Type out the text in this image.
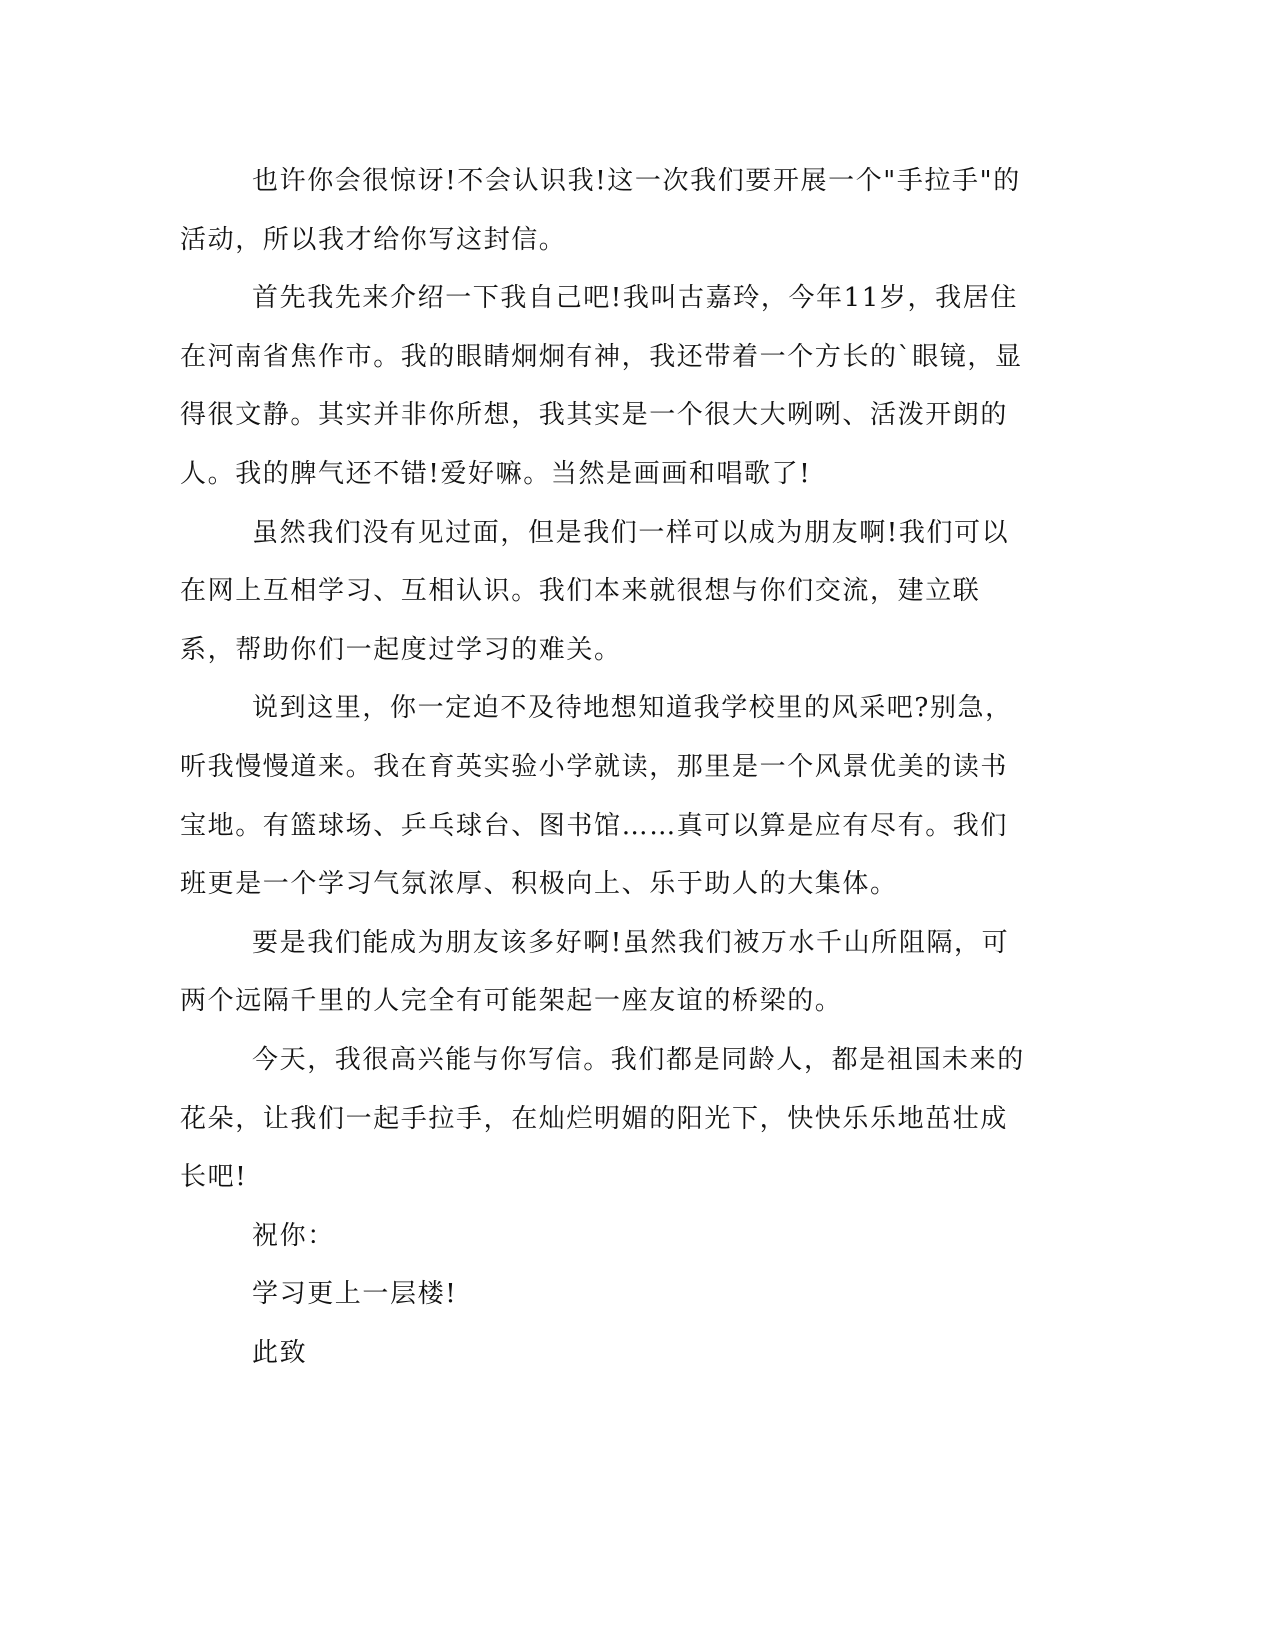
也许你会很惊讶!不会认识我!这一次我们要开展一个"手拉手"的活动，所以我才给你写这封信。

首先我先来介绍一下我自己吧!我叫古嘉玲，今年11岁，我居住在河南省焦作市。我的眼睛炯炯有神，我还带着一个方长的`眼镜，显得很文静。其实并非你所想，我其实是一个很大大咧咧、活泼开朗的人。我的脾气还不错!爱好嘛。当然是画画和唱歌了!

虽然我们没有见过面，但是我们一样可以成为朋友啊!我们可以在网上互相学习、互相认识。我们本来就很想与你们交流，建立联系，帮助你们一起度过学习的难关。

说到这里，你一定迫不及待地想知道我学校里的风采吧?别急，听我慢慢道来。我在育英实验小学就读，那里是一个风景优美的读书宝地。有篮球场、乒乓球台、图书馆……真可以算是应有尽有。我们班更是一个学习气氛浓厚、积极向上、乐于助人的大集体。

要是我们能成为朋友该多好啊!虽然我们被万水千山所阻隔，可两个远隔千里的人完全有可能架起一座友谊的桥梁的。

今天，我很高兴能与你写信。我们都是同龄人，都是祖国未来的花朵，让我们一起手拉手，在灿烂明媚的阳光下，快快乐乐地茁壮成长吧!

祝你：

学习更上一层楼!

此致
